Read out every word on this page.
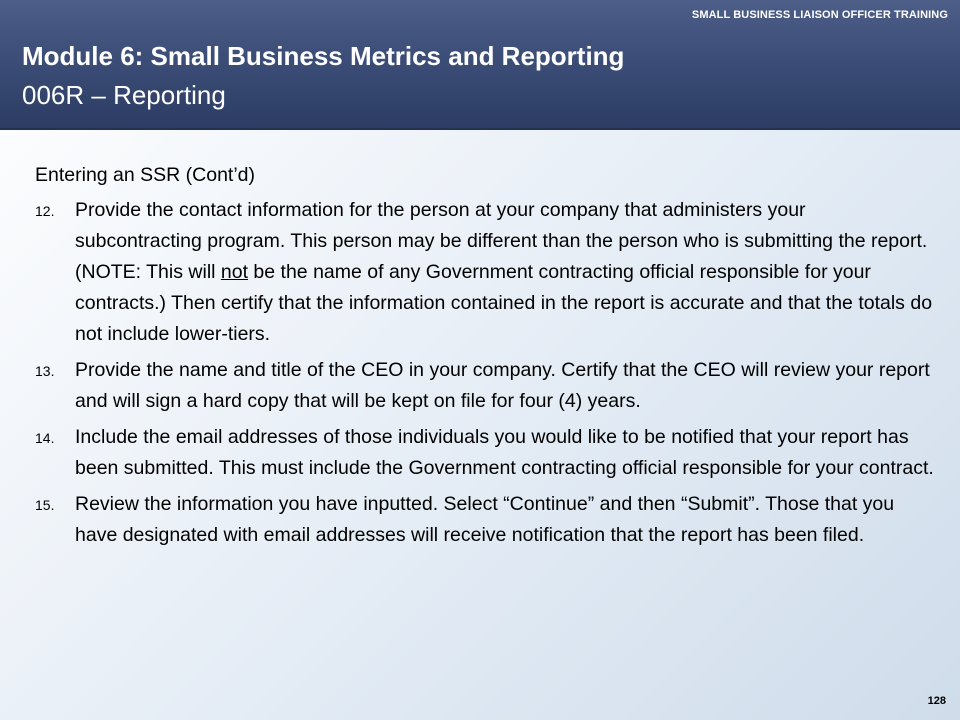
SMALL BUSINESS LIAISON OFFICER TRAINING
Module 6: Small Business Metrics and Reporting
006R – Reporting

Entering an SSR (Cont’d)

12. Provide the contact information for the person at your company that administers your subcontracting program. This person may be different than the person who is submitting the report. (NOTE: This will not be the name of any Government contracting official responsible for your contracts.) Then certify that the information contained in the report is accurate and that the totals do not include lower-tiers.
13. Provide the name and title of the CEO in your company. Certify that the CEO will review your report and will sign a hard copy that will be kept on file for four (4) years.
14. Include the email addresses of those individuals you would like to be notified that your report has been submitted. This must include the Government contracting official responsible for your contract.
15. Review the information you have inputted. Select “Continue” and then “Submit”. Those that you have designated with email addresses will receive notification that the report has been filed.
128
